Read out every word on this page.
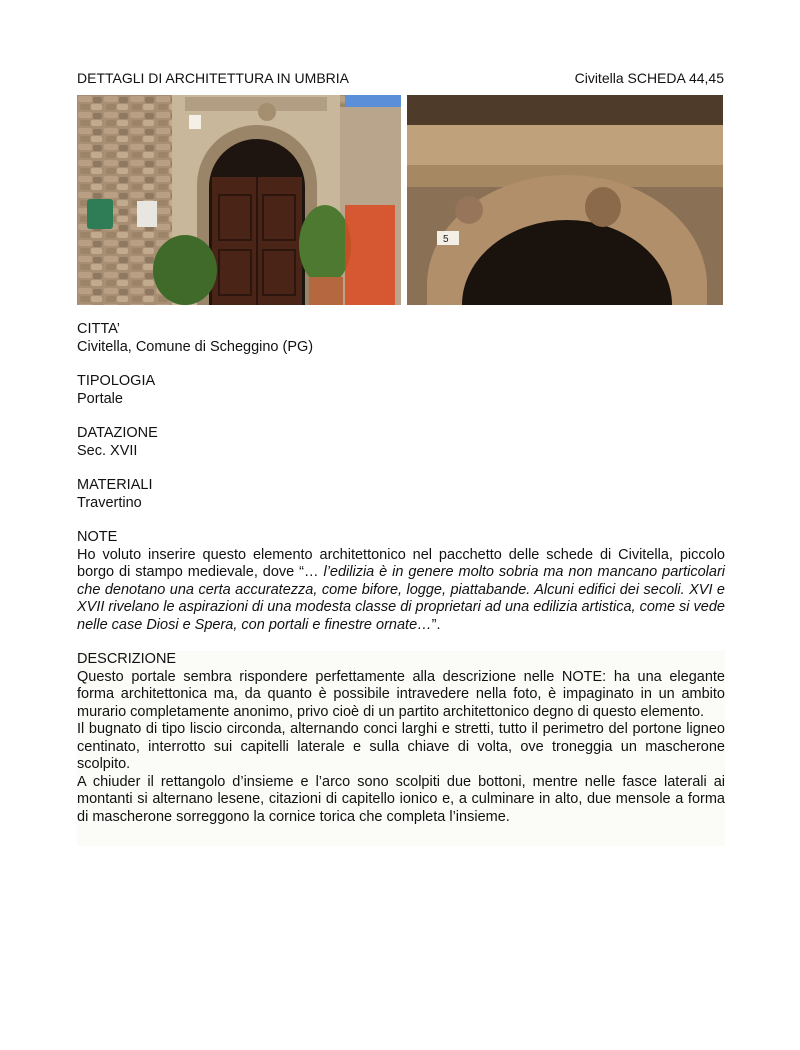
DETTAGLI DI ARCHITETTURA IN UMBRIA	Civitella SCHEDA 44,45
5

CITTA’

Civitella, Comune di Scheggino (PG)

TIPOLOGIA

Portale

DATAZIONE

Sec. XVII

MATERIALI

Travertino

NOTE

Ho voluto inserire questo elemento architettonico nel pacchetto delle schede di Civitella, piccolo borgo di stampo medievale, dove “… l’edilizia è in genere molto sobria ma non mancano particolari che denotano una certa accuratezza, come bifore, logge, piattabande. Alcuni edifici dei secoli. XVI e XVII rivelano le aspirazioni di una modesta classe di proprietari ad una edilizia artistica, come si vede nelle case Diosi e Spera, con portali e finestre ornate…”.

DESCRIZIONE

Questo portale sembra rispondere perfettamente alla descrizione nelle NOTE: ha una elegante forma architettonica ma, da quanto è possibile intravedere nella foto, è impaginato in un ambito murario completamente anonimo, privo cioè di un partito architettonico degno di questo elemento.

Il bugnato di tipo liscio circonda, alternando conci larghi e stretti, tutto il perimetro del portone ligneo centinato, interrotto sui capitelli laterale e sulla chiave di volta, ove troneggia un mascherone scolpito.

A chiuder il rettangolo d’insieme e l’arco sono scolpiti due bottoni, mentre nelle fasce laterali ai montanti si alternano lesene, citazioni di capitello ionico e, a culminare in alto, due mensole a forma di mascherone sorreggono la cornice torica che completa l’insieme.
